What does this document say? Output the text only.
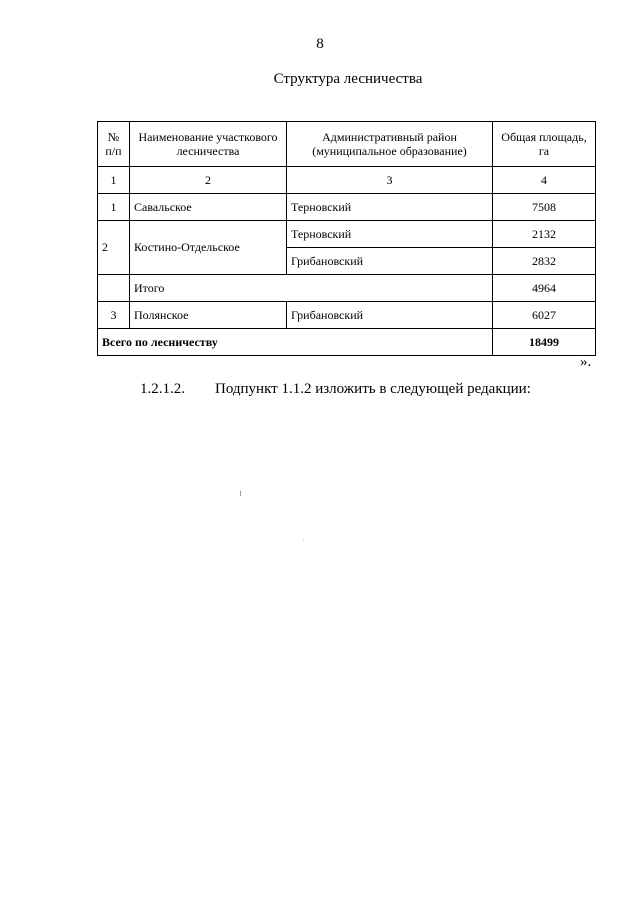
8
Структура лесничества
№ п/п	Наименование участкового лесничества	Административный район (муниципальное образование)	Общая площадь, га
1	2	3	4
1	Савальское	Терновский	7508
2	Костино-Отдельское	Терновский	2132
		Грибановский	2832
	Итого		4964
3	Полянское	Грибановский	6027
Всего по лесничеству			18499
».
1.2.1.2. Подпункт 1.1.2 изложить в следующей редакции:
